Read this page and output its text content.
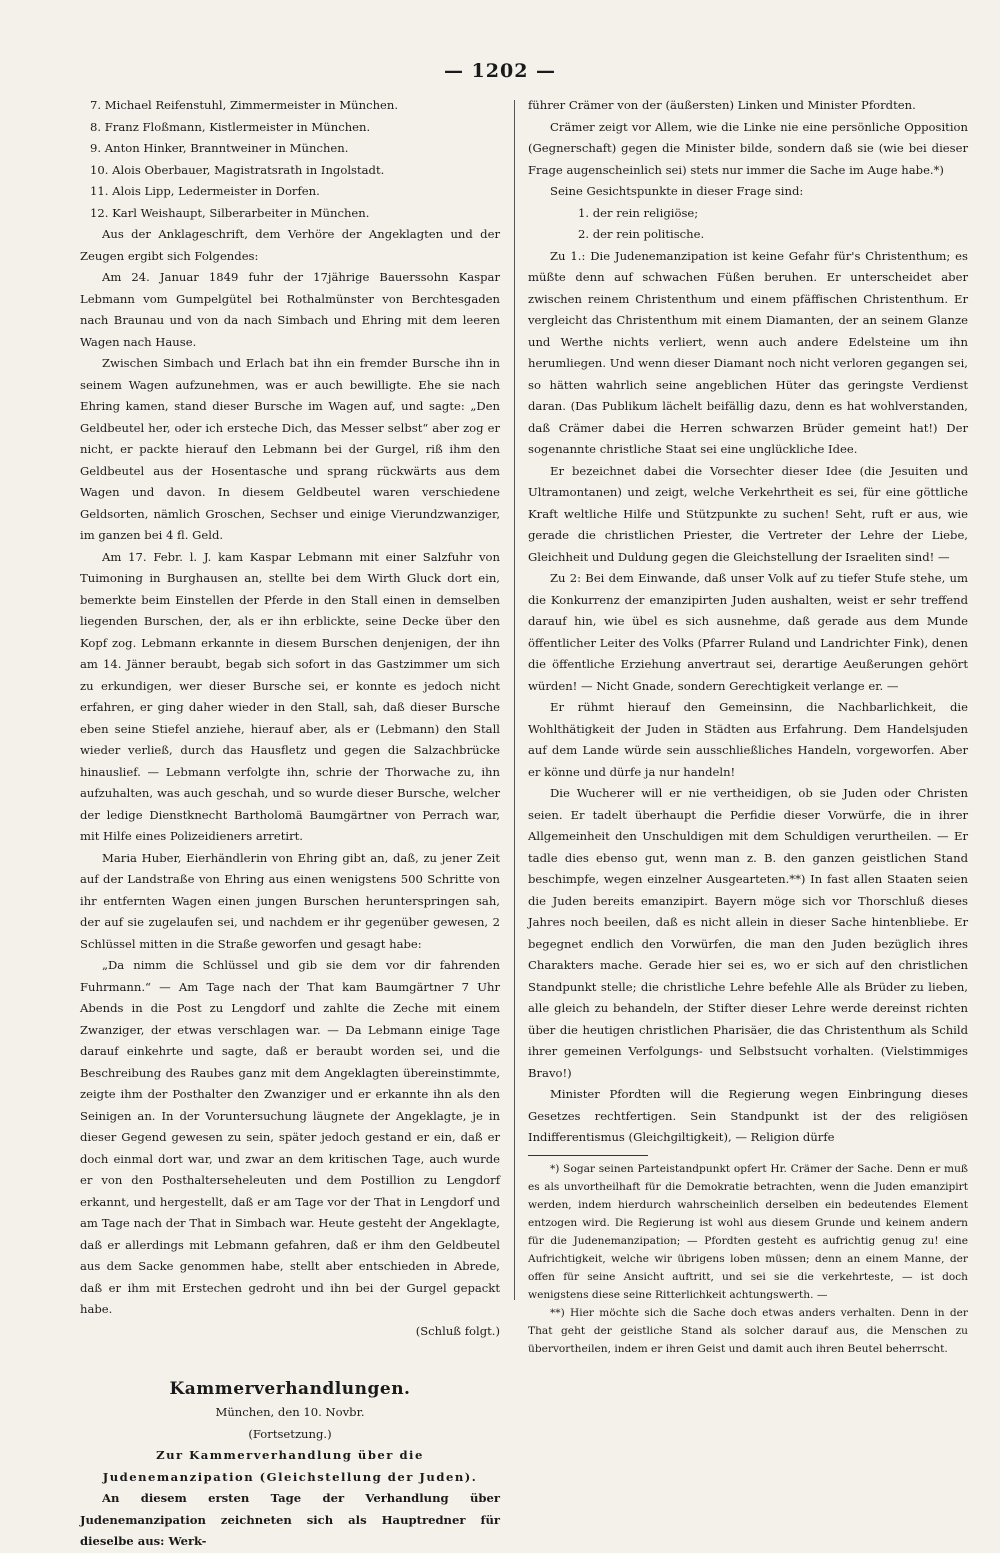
— 1202 —

7. Michael Reifenstuhl, Zimmermeister in München.

8. Franz Floßmann, Kistlermeister in München.

9. Anton Hinker, Branntweiner in München.

10. Alois Oberbauer, Magistratsrath in Ingolstadt.

11. Alois Lipp, Ledermeister in Dorfen.

12. Karl Weishaupt, Silberarbeiter in München.

Aus der Anklageschrift, dem Verhöre der Angeklagten und der Zeugen ergibt sich Folgendes:

Am 24. Januar 1849 fuhr der 17jährige Bauerssohn Kaspar Lebmann vom Gumpelgütel bei Rothalmünster von Berchtesgaden nach Braunau und von da nach Simbach und Ehring mit dem leeren Wagen nach Hause.

Zwischen Simbach und Erlach bat ihn ein fremder Bursche ihn in seinem Wagen aufzunehmen, was er auch bewilligte. Ehe sie nach Ehring kamen, stand dieser Bursche im Wagen auf, und sagte: „Den Geldbeutel her, oder ich ersteche Dich, das Messer selbst“ aber zog er nicht, er packte hierauf den Lebmann bei der Gurgel, riß ihm den Geldbeutel aus der Hosentasche und sprang rückwärts aus dem Wagen und davon. In diesem Geldbeutel waren verschiedene Geldsorten, nämlich Groschen, Sechser und einige Vierundzwanziger, im ganzen bei 4 fl. Geld.

Am 17. Febr. l. J. kam Kaspar Lebmann mit einer Salzfuhr von Tuimoning in Burghausen an, stellte bei dem Wirth Gluck dort ein, bemerkte beim Einstellen der Pferde in den Stall einen in demselben liegenden Burschen, der, als er ihn erblickte, seine Decke über den Kopf zog. Lebmann erkannte in diesem Burschen denjenigen, der ihn am 14. Jänner beraubt, begab sich sofort in das Gastzimmer um sich zu erkundigen, wer dieser Bursche sei, er konnte es jedoch nicht erfahren, er ging daher wieder in den Stall, sah, daß dieser Bursche eben seine Stiefel anziehe, hierauf aber, als er (Lebmann) den Stall wieder verließ, durch das Hausfletz und gegen die Salzachbrücke hinauslief. — Lebmann verfolgte ihn, schrie der Thorwache zu, ihn aufzuhalten, was auch geschah, und so wurde dieser Bursche, welcher der ledige Dienstknecht Bartholomä Baumgärtner von Perrach war, mit Hilfe eines Polizeidieners arretirt.

Maria Huber, Eierhändlerin von Ehring gibt an, daß, zu jener Zeit auf der Landstraße von Ehring aus einen wenigstens 500 Schritte von ihr entfernten Wagen einen jungen Burschen herunterspringen sah, der auf sie zugelaufen sei, und nachdem er ihr gegenüber gewesen, 2 Schlüssel mitten in die Straße geworfen und gesagt habe:

„Da nimm die Schlüssel und gib sie dem vor dir fahrenden Fuhrmann.“ — Am Tage nach der That kam Baumgärtner 7 Uhr Abends in die Post zu Lengdorf und zahlte die Zeche mit einem Zwanziger, der etwas verschlagen war. — Da Lebmann einige Tage darauf einkehrte und sagte, daß er beraubt worden sei, und die Beschreibung des Raubes ganz mit dem Angeklagten übereinstimmte, zeigte ihm der Posthalter den Zwanziger und er erkannte ihn als den Seinigen an. In der Voruntersuchung läugnete der Angeklagte, je in dieser Gegend gewesen zu sein, später jedoch gestand er ein, daß er doch einmal dort war, und zwar an dem kritischen Tage, auch wurde er von den Posthalterseheleuten und dem Postillion zu Lengdorf erkannt, und hergestellt, daß er am Tage vor der That in Lengdorf und am Tage nach der That in Simbach war. Heute gesteht der Angeklagte, daß er allerdings mit Lebmann gefahren, daß er ihm den Geldbeutel aus dem Sacke genommen habe, stellt aber entschieden in Abrede, daß er ihm mit Erstechen gedroht und ihn bei der Gurgel gepackt habe.

(Schluß folgt.)

Kammerverhandlungen.

München, den 10. Novbr.

(Fortsetzung.)

Zur Kammerverhandlung über die Judenemanzipation (Gleichstellung der Juden).

An diesem ersten Tage der Verhandlung über Judenemanzipation zeichneten sich als Hauptredner für dieselbe aus: Werk-

führer Crämer von der (äußersten) Linken und Minister Pfordten.

Crämer zeigt vor Allem, wie die Linke nie eine persönliche Opposition (Gegnerschaft) gegen die Minister bilde, sondern daß sie (wie bei dieser Frage augenscheinlich sei) stets nur immer die Sache im Auge habe.*)

Seine Gesichtspunkte in dieser Frage sind:

1. der rein religiöse;

2. der rein politische.

Zu 1.: Die Judenemanzipation ist keine Gefahr für's Christenthum; es müßte denn auf schwachen Füßen beruhen. Er unterscheidet aber zwischen reinem Christenthum und einem pfäffischen Christenthum. Er vergleicht das Christenthum mit einem Diamanten, der an seinem Glanze und Werthe nichts verliert, wenn auch andere Edelsteine um ihn herumliegen. Und wenn dieser Diamant noch nicht verloren gegangen sei, so hätten wahrlich seine angeblichen Hüter das geringste Verdienst daran. (Das Publikum lächelt beifällig dazu, denn es hat wohlverstanden, daß Crämer dabei die Herren schwarzen Brüder gemeint hat!) Der sogenannte christliche Staat sei eine unglückliche Idee.

Er bezeichnet dabei die Vorsechter dieser Idee (die Jesuiten und Ultramontanen) und zeigt, welche Verkehrtheit es sei, für eine göttliche Kraft weltliche Hilfe und Stützpunkte zu suchen! Seht, ruft er aus, wie gerade die christlichen Priester, die Vertreter der Lehre der Liebe, Gleichheit und Duldung gegen die Gleichstellung der Israeliten sind! —

Zu 2: Bei dem Einwande, daß unser Volk auf zu tiefer Stufe stehe, um die Konkurrenz der emanzipirten Juden aushalten, weist er sehr treffend darauf hin, wie übel es sich ausnehme, daß gerade aus dem Munde öffentlicher Leiter des Volks (Pfarrer Ruland und Landrichter Fink), denen die öffentliche Erziehung anvertraut sei, derartige Aeußerungen gehört würden! — Nicht Gnade, sondern Gerechtigkeit verlange er. —

Er rühmt hierauf den Gemeinsinn, die Nachbarlichkeit, die Wohlthätigkeit der Juden in Städten aus Erfahrung. Dem Handelsjuden auf dem Lande würde sein ausschließliches Handeln, vorgeworfen. Aber er könne und dürfe ja nur handeln!

Die Wucherer will er nie vertheidigen, ob sie Juden oder Christen seien. Er tadelt überhaupt die Perfidie dieser Vorwürfe, die in ihrer Allgemeinheit den Unschuldigen mit dem Schuldigen verurtheilen. — Er tadle dies ebenso gut, wenn man z. B. den ganzen geistlichen Stand beschimpfe, wegen einzelner Ausgearteten.**) In fast allen Staaten seien die Juden bereits emanzipirt. Bayern möge sich vor Thorschluß dieses Jahres noch beeilen, daß es nicht allein in dieser Sache hintenbliebe. Er begegnet endlich den Vorwürfen, die man den Juden bezüglich ihres Charakters mache. Gerade hier sei es, wo er sich auf den christlichen Standpunkt stelle; die christliche Lehre befehle Alle als Brüder zu lieben, alle gleich zu behandeln, der Stifter dieser Lehre werde dereinst richten über die heutigen christlichen Pharisäer, die das Christenthum als Schild ihrer gemeinen Verfolgungs- und Selbstsucht vorhalten. (Vielstimmiges Bravo!)

Minister Pfordten will die Regierung wegen Einbringung dieses Gesetzes rechtfertigen. Sein Standpunkt ist der des religiösen Indifferentismus (Gleichgiltigkeit), — Religion dürfe

*) Sogar seinen Parteistandpunkt opfert Hr. Crämer der Sache. Denn er muß es als unvortheilhaft für die Demokratie betrachten, wenn die Juden emanzipirt werden, indem hierdurch wahrscheinlich derselben ein bedeutendes Element entzogen wird. Die Regierung ist wohl aus diesem Grunde und keinem andern für die Judenemanzipation; — Pfordten gesteht es aufrichtig genug zu! eine Aufrichtigkeit, welche wir übrigens loben müssen; denn an einem Manne, der offen für seine Ansicht auftritt, und sei sie die verkehrteste, — ist doch wenigstens diese seine Ritterlichkeit achtungswerth. —

**) Hier möchte sich die Sache doch etwas anders verhalten. Denn in der That geht der geistliche Stand als solcher darauf aus, die Menschen zu übervortheilen, indem er ihren Geist und damit auch ihren Beutel beherrscht.
